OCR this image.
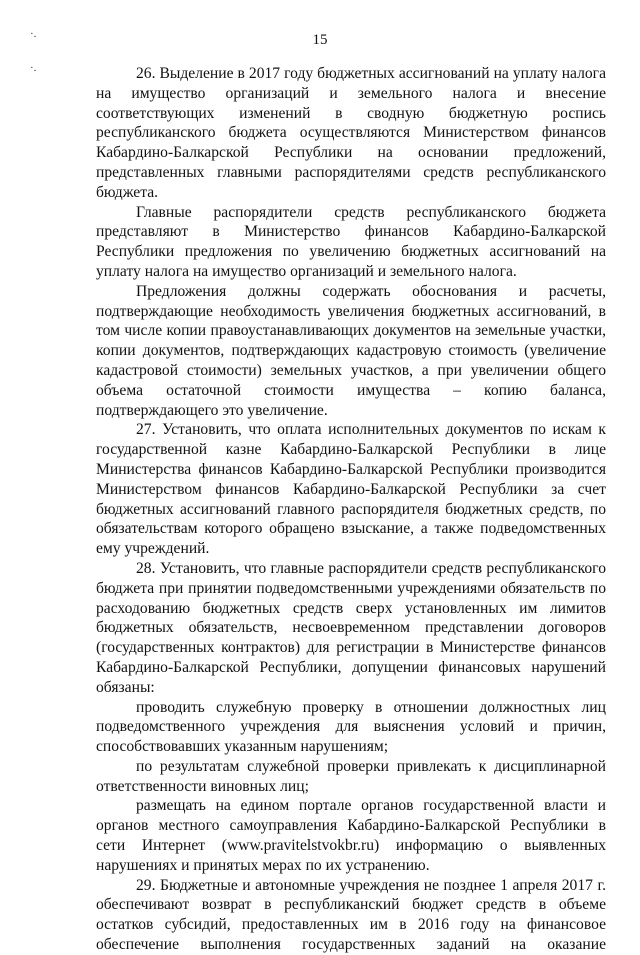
·.
·.
15

26. Выделение в 2017 году бюджетных ассигнований на уплату налога на имущество организаций и земельного налога и внесение соответствующих изменений в сводную бюджетную роспись республиканского бюджета осуществляются Министерством финансов Кабардино-Балкарской Республики на основании предложений, представленных главными распорядителями средств республиканского бюджета.

Главные распорядители средств республиканского бюджета представляют в Министерство финансов Кабардино-Балкарской Республики предложения по увеличению бюджетных ассигнований на уплату налога на имущество организаций и земельного налога.

Предложения должны содержать обоснования и расчеты, подтверждающие необходимость увеличения бюджетных ассигнований, в том числе копии правоустанавливающих документов на земельные участки, копии документов, подтверждающих кадастровую стоимость (увеличение кадастровой стоимости) земельных участков, а при увеличении общего объема остаточной стоимости имущества – копию баланса, подтверждающего это увеличение.

27. Установить, что оплата исполнительных документов по искам к государственной казне Кабардино-Балкарской Республики в лице Министерства финансов Кабардино-Балкарской Республики производится Министерством финансов Кабардино-Балкарской Республики за счет бюджетных ассигнований главного распорядителя бюджетных средств, по обязательствам которого обращено взыскание, а также подведомственных ему учреждений.

28. Установить, что главные распорядители средств республиканского бюджета при принятии подведомственными учреждениями обязательств по расходованию бюджетных средств сверх установленных им лимитов бюджетных обязательств, несвоевременном представлении договоров (государственных контрактов) для регистрации в Министерстве финансов Кабардино-Балкарской Республики, допущении финансовых нарушений обязаны:

проводить служебную проверку в отношении должностных лиц подведомственного учреждения для выяснения условий и причин, способствовавших указанным нарушениям;

по результатам служебной проверки привлекать к дисциплинарной ответственности виновных лиц;

размещать на едином портале органов государственной власти и органов местного самоуправления Кабардино-Балкарской Республики в сети Интернет (www.pravitelstvokbr.ru) информацию о выявленных нарушениях и принятых мерах по их устранению.

29. Бюджетные и автономные учреждения не позднее 1 апреля 2017 г. обеспечивают возврат в республиканский бюджет средств в объеме остатков субсидий, предоставленных им в 2016 году на финансовое обеспечение выполнения государственных заданий на оказание
